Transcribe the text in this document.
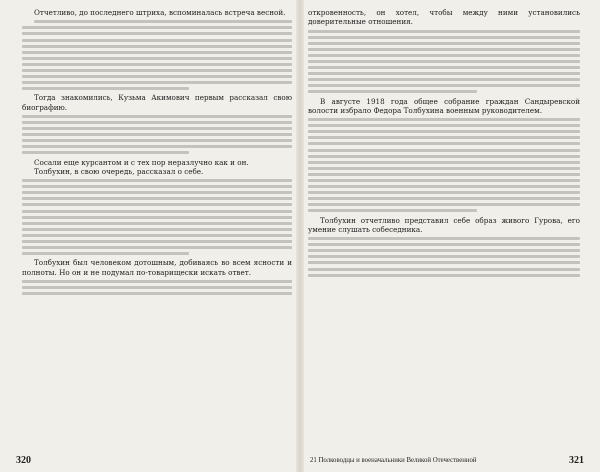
Отчетливо, до последнего штриха, вспоминалась встреча весной.

Тогда знакомились, Кузьма Акимович первым рассказал свою биографию.

Сосали еще курсантом и с тех пор неразлучно как и он.

Толбухин, в свою очередь, рассказал о себе.

Толбухин был человеком дотошным, добиваясь во всем ясности и полноты. Но он и не подумал по-товарищески искать ответ.

320

откровенность, он хотел, чтобы между ними установились доверительные отношения.

В августе 1918 года общее собрание граждан Сандыревской волости избрало Федора Толбухина военным руководителем.

Толбухин отчетливо представил себе образ живого Гурова, его умение слушать собеседника.

21 Полководцы и военачальники Великой Отечественной	321
